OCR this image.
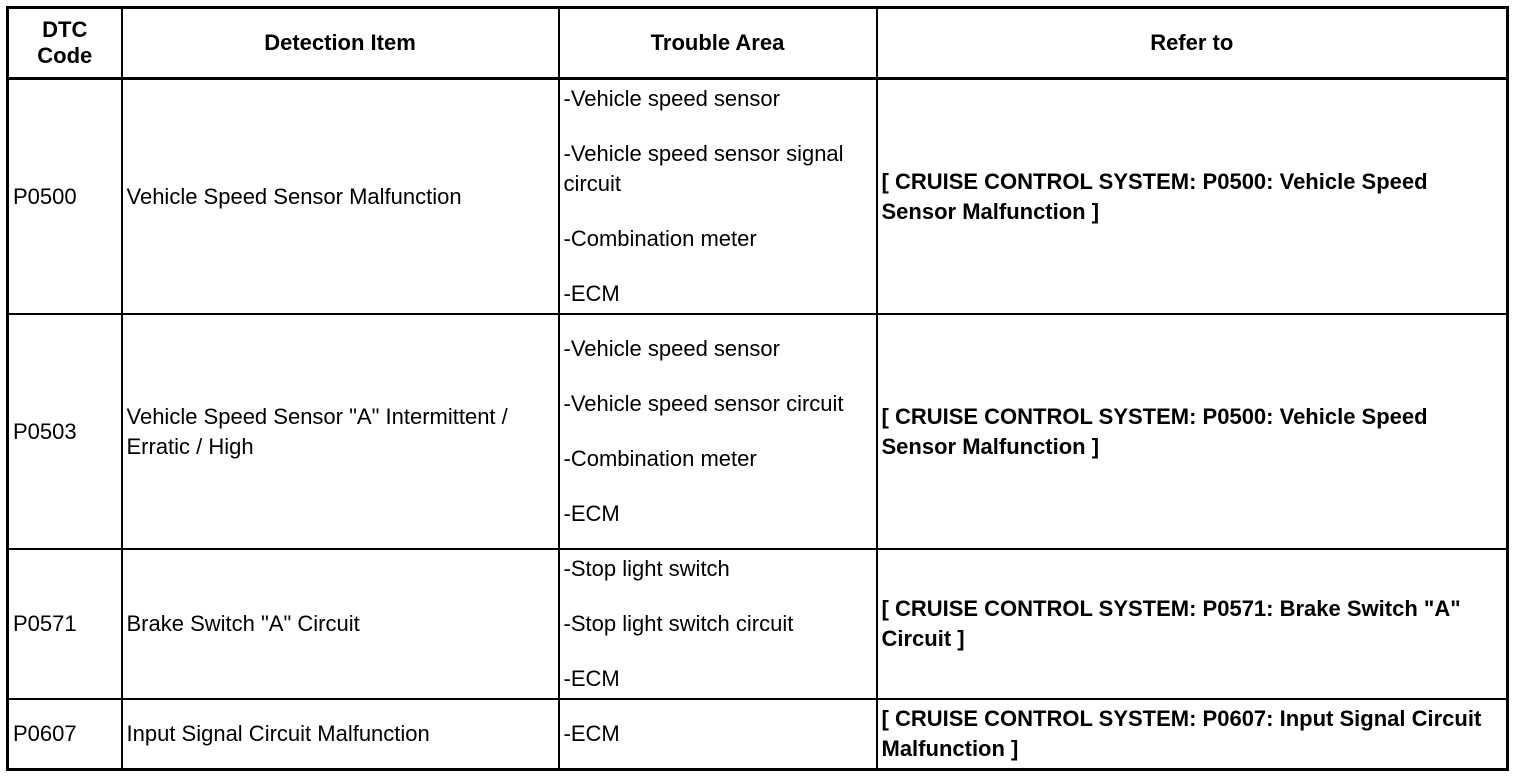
DTC Code	Detection Item	Trouble Area	Refer to
P0500	Vehicle Speed Sensor Malfunction	-Vehicle speed sensor
-Vehicle speed sensor signal circuit
-Combination meter
-ECM	[ CRUISE CONTROL SYSTEM: P0500: Vehicle Speed Sensor Malfunction ]
P0503	Vehicle Speed Sensor "A" Intermittent / Erratic / High	-Vehicle speed sensor
-Vehicle speed sensor circuit
-Combination meter
-ECM	[ CRUISE CONTROL SYSTEM: P0500: Vehicle Speed Sensor Malfunction ]
P0571	Brake Switch "A" Circuit	-Stop light switch
-Stop light switch circuit
-ECM	[ CRUISE CONTROL SYSTEM: P0571: Brake Switch "A" Circuit ]
P0607	Input Signal Circuit Malfunction	-ECM	[ CRUISE CONTROL SYSTEM: P0607: Input Signal Circuit Malfunction ]
